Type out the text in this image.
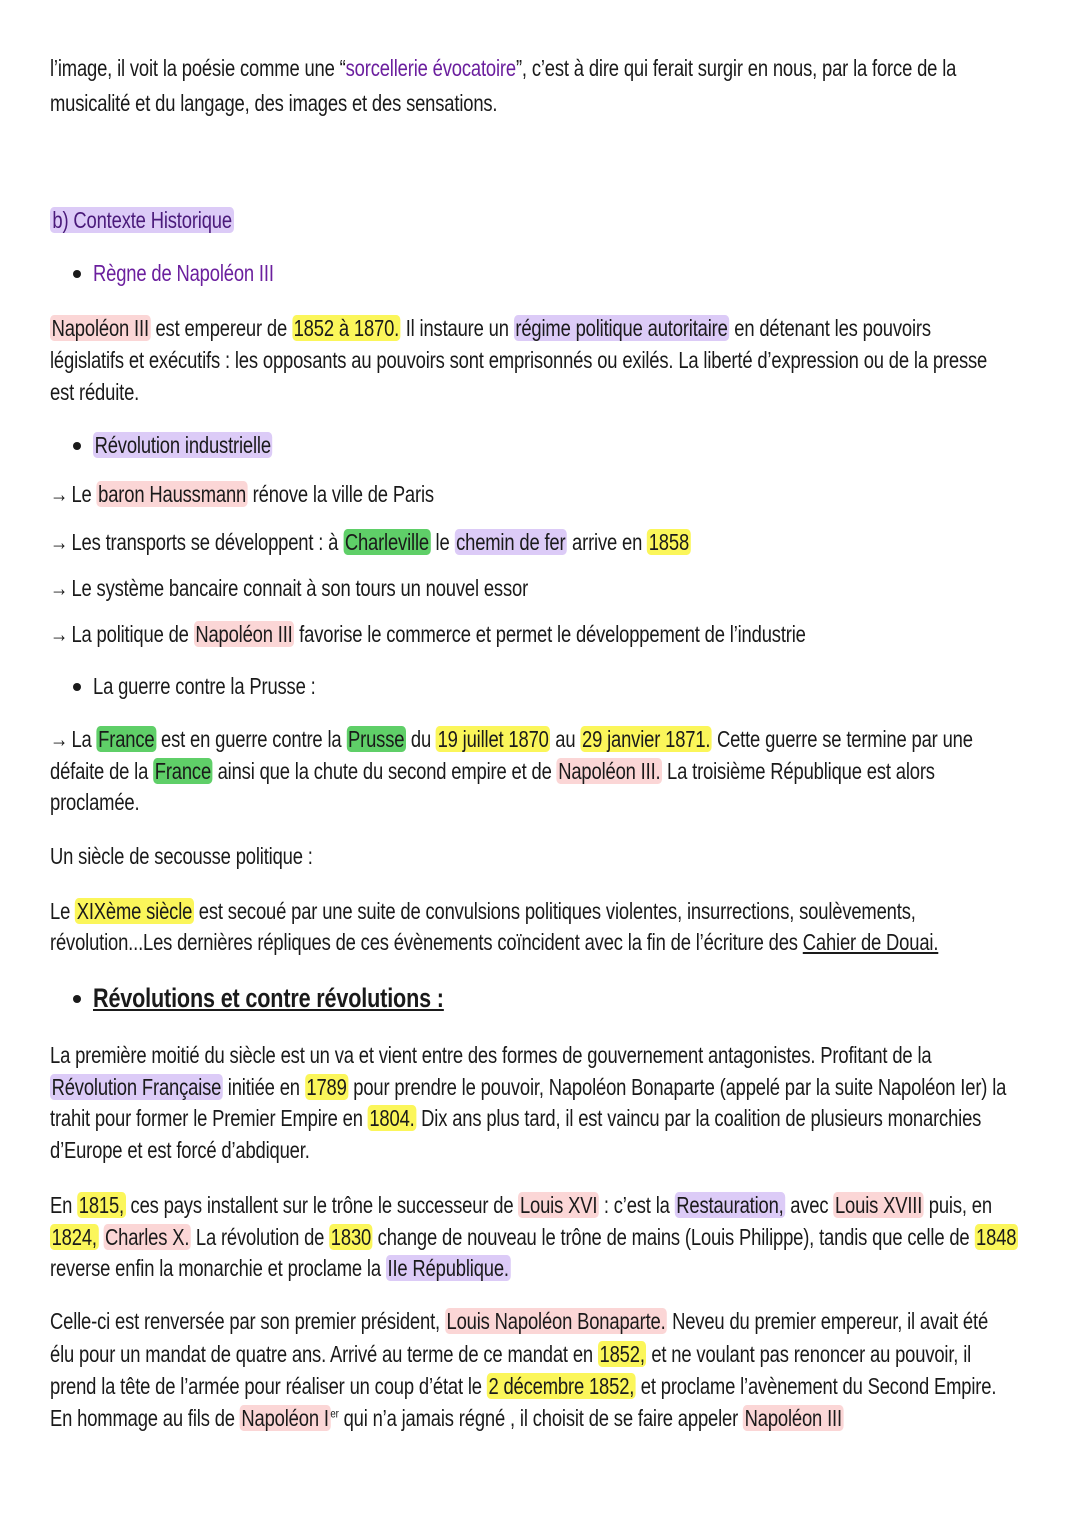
l’image, il voit la poésie comme une “sorcellerie évocatoire”, c’est à dire qui ferait surgir en nous, par la force de la
musicalité et du langage, des images et des sensations.
b) Contexte Historique
Règne de Napoléon III
Napoléon III est empereur de 1852 à 1870. Il instaure un régime politique autoritaire en détenant les pouvoirs
législatifs et exécutifs : les opposants au pouvoirs sont emprisonnés ou exilés. La liberté d’expression ou de la presse
est réduite.
Révolution industrielle
→ Le baron Haussmann rénove la ville de Paris
→ Les transports se développent : à Charleville le chemin de fer arrive en 1858
→ Le système bancaire connait à son tours un nouvel essor
→ La politique de Napoléon III favorise le commerce et permet le développement de l’industrie
La guerre contre la Prusse :
→ La France est en guerre contre la Prusse du 19 juillet 1870 au 29 janvier 1871. Cette guerre se termine par une
défaite de la France ainsi que la chute du second empire et de Napoléon III. La troisième République est alors
proclamée.
Un siècle de secousse politique :
Le XIXème siècle est secoué par une suite de convulsions politiques violentes, insurrections, soulèvements,
révolution...Les dernières répliques de ces évènements coïncident avec la fin de l’écriture des Cahier de Douai.
Révolutions et contre révolutions :
La première moitié du siècle est un va et vient entre des formes de gouvernement antagonistes. Profitant de la
Révolution Française initiée en 1789 pour prendre le pouvoir, Napoléon Bonaparte (appelé par la suite Napoléon Ier) la
trahit pour former le Premier Empire en 1804. Dix ans plus tard, il est vaincu par la coalition de plusieurs monarchies
d’Europe et est forcé d’abdiquer.
En 1815, ces pays installent sur le trône le successeur de Louis XVI : c’est la Restauration, avec Louis XVIII puis, en
1824, Charles X. La révolution de 1830 change de nouveau le trône de mains (Louis Philippe), tandis que celle de 1848
reverse enfin la monarchie et proclame la IIe République.
Celle-ci est renversée par son premier président, Louis Napoléon Bonaparte. Neveu du premier empereur, il avait été
élu pour un mandat de quatre ans. Arrivé au terme de ce mandat en 1852, et ne voulant pas renoncer au pouvoir, il
prend la tête de l’armée pour réaliser un coup d’état le 2 décembre 1852, et proclame l’avènement du Second Empire.
En hommage au fils de Napoléon I $^{er}$ qui n’a jamais régné , il choisit de se faire appeler Napoléon III
